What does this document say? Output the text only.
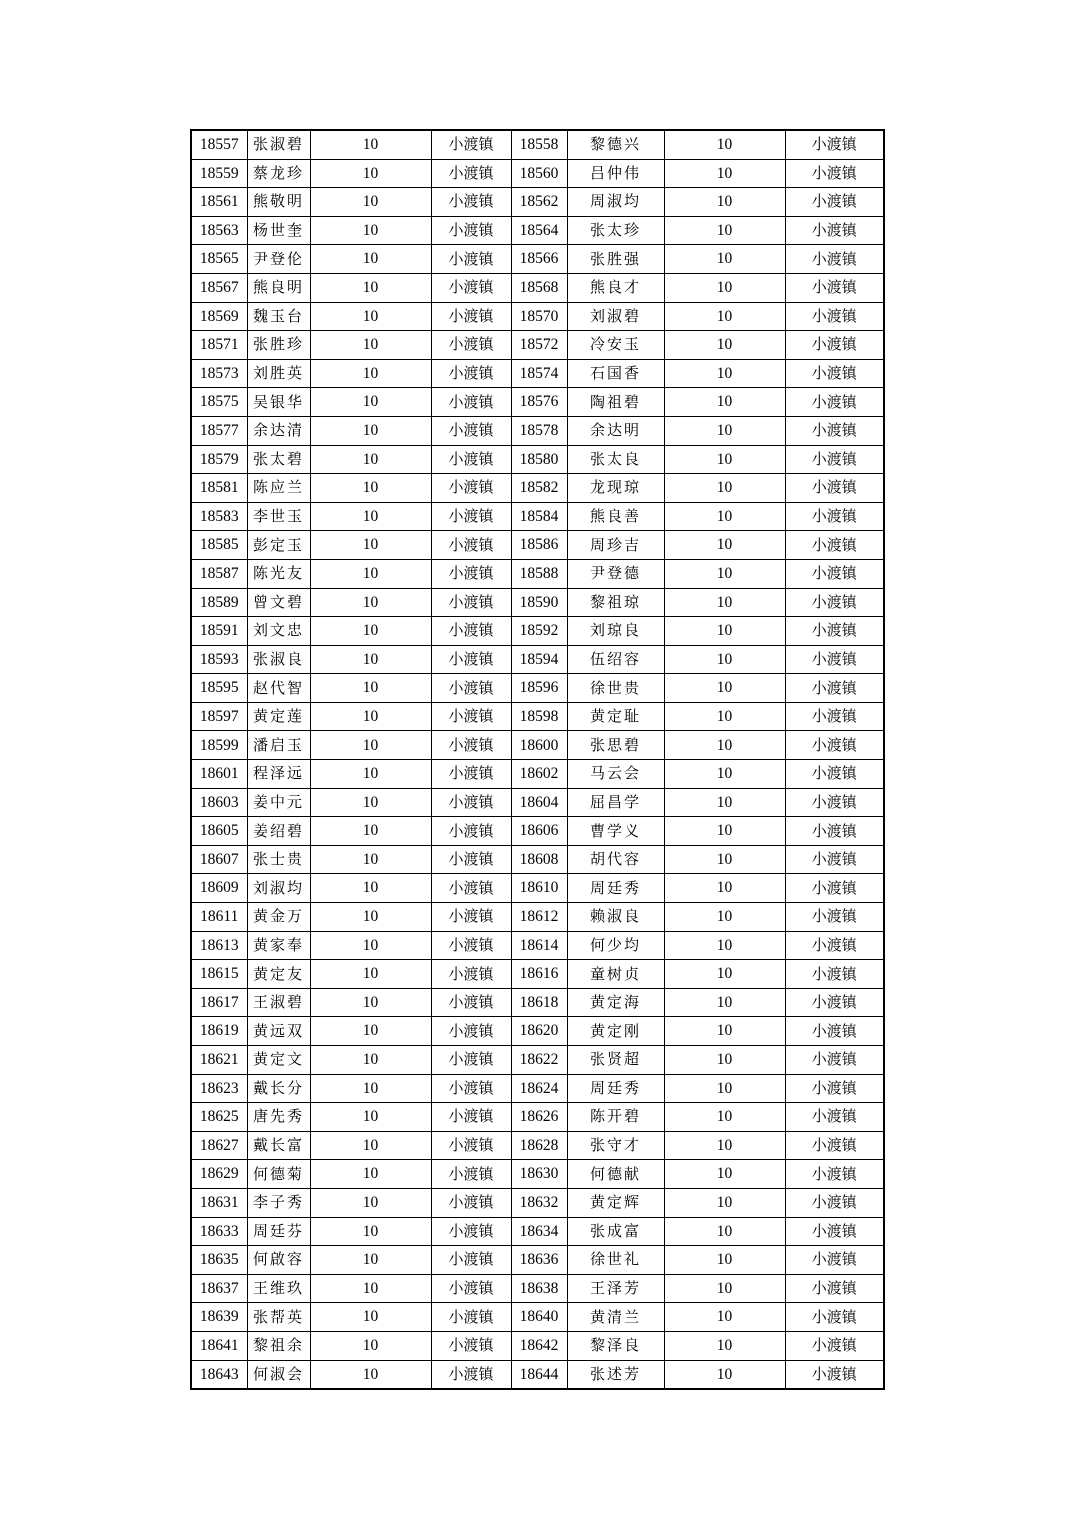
18557	张淑碧	10	小渡镇	18558	黎德兴	10	小渡镇
18559	蔡龙珍	10	小渡镇	18560	吕仲伟	10	小渡镇
18561	熊敬明	10	小渡镇	18562	周淑均	10	小渡镇
18563	杨世奎	10	小渡镇	18564	张太珍	10	小渡镇
18565	尹登伦	10	小渡镇	18566	张胜强	10	小渡镇
18567	熊良明	10	小渡镇	18568	熊良才	10	小渡镇
18569	魏玉台	10	小渡镇	18570	刘淑碧	10	小渡镇
18571	张胜珍	10	小渡镇	18572	冷安玉	10	小渡镇
18573	刘胜英	10	小渡镇	18574	石国香	10	小渡镇
18575	吴银华	10	小渡镇	18576	陶祖碧	10	小渡镇
18577	余达清	10	小渡镇	18578	余达明	10	小渡镇
18579	张太碧	10	小渡镇	18580	张太良	10	小渡镇
18581	陈应兰	10	小渡镇	18582	龙现琼	10	小渡镇
18583	李世玉	10	小渡镇	18584	熊良善	10	小渡镇
18585	彭定玉	10	小渡镇	18586	周珍吉	10	小渡镇
18587	陈光友	10	小渡镇	18588	尹登德	10	小渡镇
18589	曾文碧	10	小渡镇	18590	黎祖琼	10	小渡镇
18591	刘文忠	10	小渡镇	18592	刘琼良	10	小渡镇
18593	张淑良	10	小渡镇	18594	伍绍容	10	小渡镇
18595	赵代智	10	小渡镇	18596	徐世贵	10	小渡镇
18597	黄定莲	10	小渡镇	18598	黄定耻	10	小渡镇
18599	潘启玉	10	小渡镇	18600	张思碧	10	小渡镇
18601	程泽远	10	小渡镇	18602	马云会	10	小渡镇
18603	姜中元	10	小渡镇	18604	屈昌学	10	小渡镇
18605	姜绍碧	10	小渡镇	18606	曹学义	10	小渡镇
18607	张士贵	10	小渡镇	18608	胡代容	10	小渡镇
18609	刘淑均	10	小渡镇	18610	周廷秀	10	小渡镇
18611	黄金万	10	小渡镇	18612	赖淑良	10	小渡镇
18613	黄家奉	10	小渡镇	18614	何少均	10	小渡镇
18615	黄定友	10	小渡镇	18616	童树贞	10	小渡镇
18617	王淑碧	10	小渡镇	18618	黄定海	10	小渡镇
18619	黄远双	10	小渡镇	18620	黄定刚	10	小渡镇
18621	黄定文	10	小渡镇	18622	张贤超	10	小渡镇
18623	戴长分	10	小渡镇	18624	周廷秀	10	小渡镇
18625	唐先秀	10	小渡镇	18626	陈开碧	10	小渡镇
18627	戴长富	10	小渡镇	18628	张守才	10	小渡镇
18629	何德菊	10	小渡镇	18630	何德献	10	小渡镇
18631	李子秀	10	小渡镇	18632	黄定辉	10	小渡镇
18633	周廷芬	10	小渡镇	18634	张成富	10	小渡镇
18635	何啟容	10	小渡镇	18636	徐世礼	10	小渡镇
18637	王维玖	10	小渡镇	18638	王泽芳	10	小渡镇
18639	张帮英	10	小渡镇	18640	黄清兰	10	小渡镇
18641	黎祖余	10	小渡镇	18642	黎泽良	10	小渡镇
18643	何淑会	10	小渡镇	18644	张述芳	10	小渡镇
